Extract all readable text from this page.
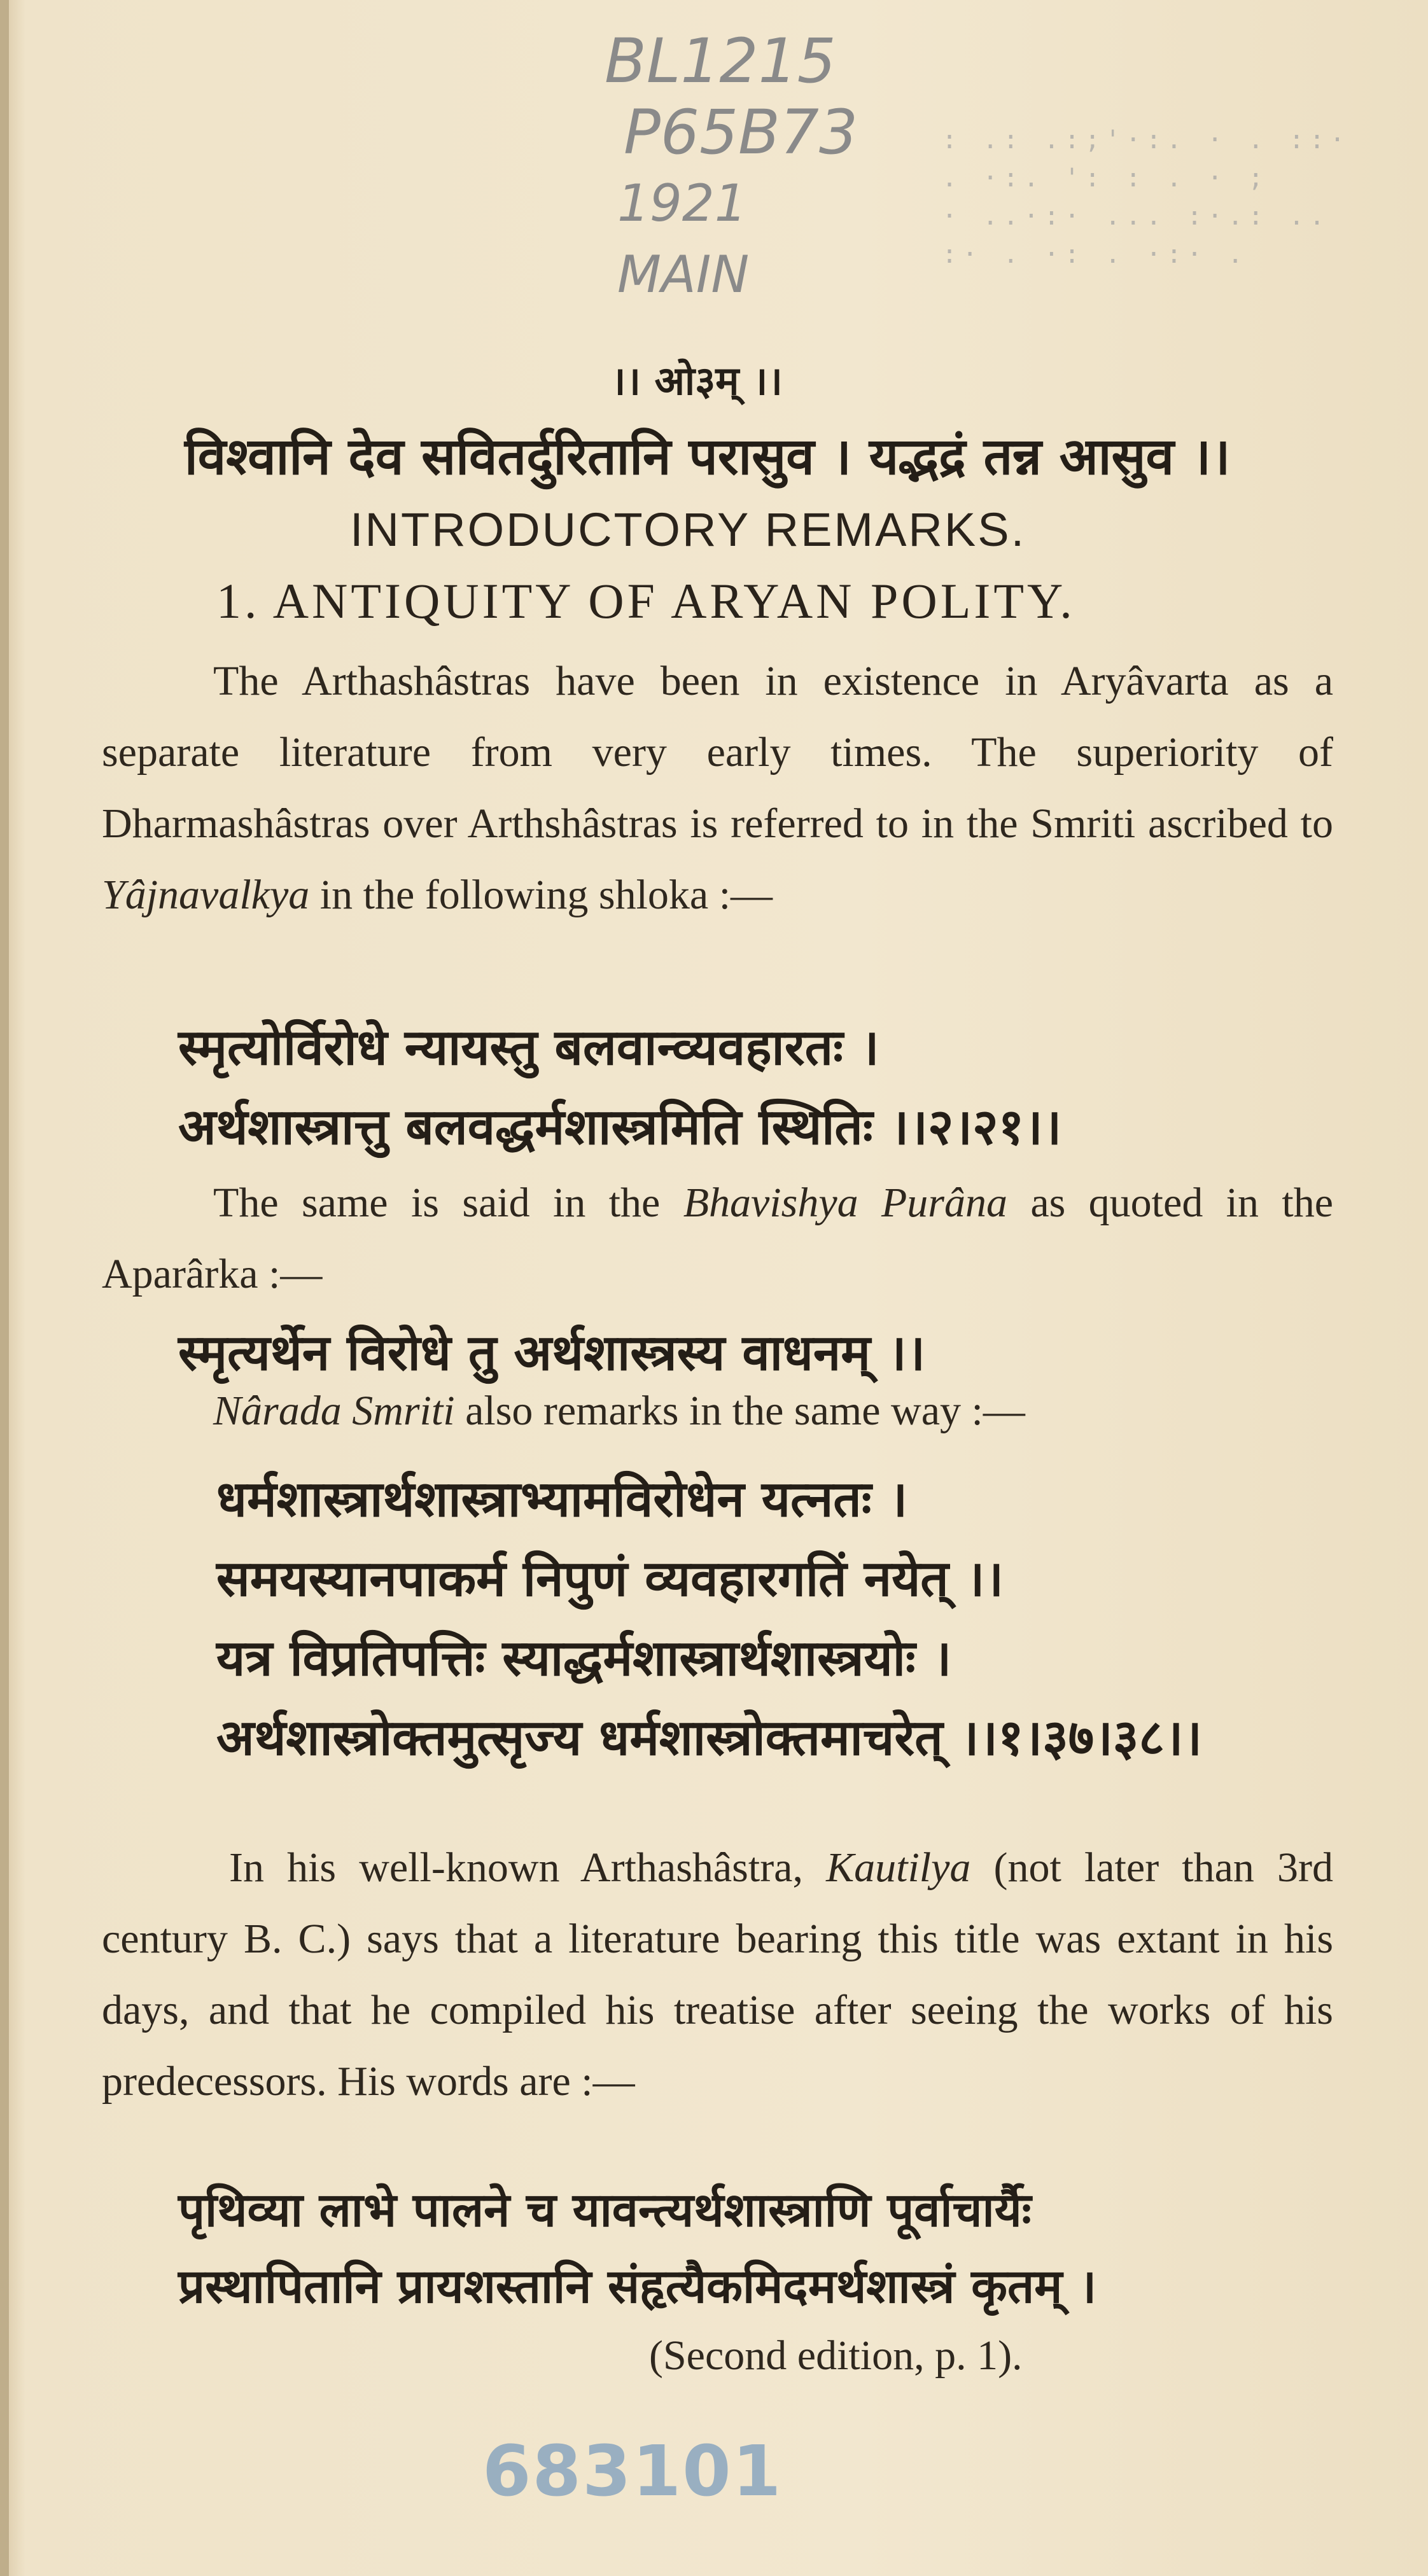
BL1215
P65B73
1921
MAIN
: .: .:;'·:. · . ::·
. ·:. ': : . · ;
· ..·:· ... :·.: ..
:· . ·: . ·:· .
।। ओ३म् ।।
विश्वानि देव सवितर्दुरितानि परासुव । यद्भद्रं तन्न आसुव ।।
INTRODUCTORY REMARKS.
1. ANTIQUITY OF ARYAN POLITY.
The Arthashâstras have been in existence in Aryâvarta as a separate literature from very early times. The superiority of Dharmashâstras over Arthshâstras is referred to in the Smriti ascribed to Yâjnavalkya in the following shloka :—
स्मृत्योर्विरोधे न्यायस्तु बलवान्व्यवहारतः ।
अर्थशास्त्रात्तु बलवद्धर्मशास्त्रमिति स्थितिः ।।२।२१।।
The same is said in the Bhavishya Purâna as quoted in the Aparârka :—
स्मृत्यर्थेन विरोधे तु अर्थशास्त्रस्य वाधनम् ।।
Nârada Smriti also remarks in the same way :—
धर्मशास्त्रार्थशास्त्राभ्यामविरोधेन यत्नतः ।
समयस्यानपाकर्म निपुणं व्यवहारगतिं नयेत् ।।
यत्र विप्रतिपत्तिः स्याद्धर्मशास्त्रार्थशास्त्रयोः ।
अर्थशास्त्रोक्तमुत्सृज्य धर्मशास्त्रोक्तमाचरेत् ।।१।३७।३८।।
In his well-known Arthashâstra, Kautilya (not later than 3rd century B. C.) says that a literature bearing this title was extant in his days, and that he compiled his treatise after seeing the works of his predecessors. His words are :—
पृथिव्या लाभे पालने च यावन्त्यर्थशास्त्राणि पूर्वाचार्यैः
प्रस्थापितानि प्रायशस्तानि संहृत्यैकमिदमर्थशास्त्रं कृतम् ।
(Second edition, p. 1).
683101
